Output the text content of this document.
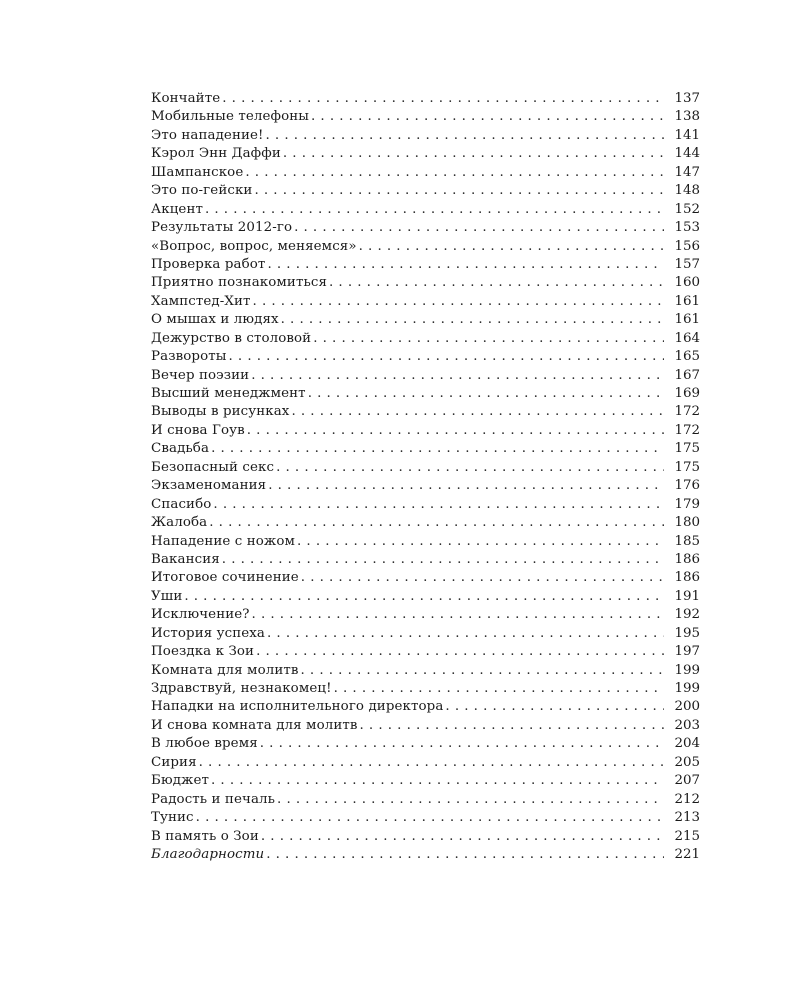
Кончайте . . .	137
Мобильные телефоны . . .	138
Это нападение! . . .	141
Кэрол Энн Даффи . . .	144
Шампанское . . .	147
Это по-гейски . . .	148
Акцент . . .	152
Результаты 2012-го . . .	153
«Вопрос, вопрос, меняемся» . . .	156
Проверка работ . . .	157
Приятно познакомиться . . .	160
Хампстед-Хит . . .	161
О мышах и людях . . .	161
Дежурство в столовой . . .	164
Развороты . . .	165
Вечер поэзии . . .	167
Высший менеджмент . . .	169
Выводы в рисунках . . .	172
И снова Гоув . . .	172
Свадьба . . .	175
Безопасный секс . . .	175
Экзаменомания . . .	176
Спасибо . . .	179
Жалоба . . .	180
Нападение с ножом . . .	185
Вакансия . . .	186
Итоговое сочинение . . .	186
Уши . . .	191
Исключение? . . .	192
История успеха . . .	195
Поездка к Зои . . .	197
Комната для молитв . . .	199
Здравствуй, незнакомец! . . .	199
Нападки на исполнительного директора . . .	200
И снова комната для молитв . . .	203
В любое время . . .	204
Сирия . . .	205
Бюджет . . .	207
Радость и печаль . . .	212
Тунис . . .	213
В память о Зои . . .	215
Благодарности . . .	221
